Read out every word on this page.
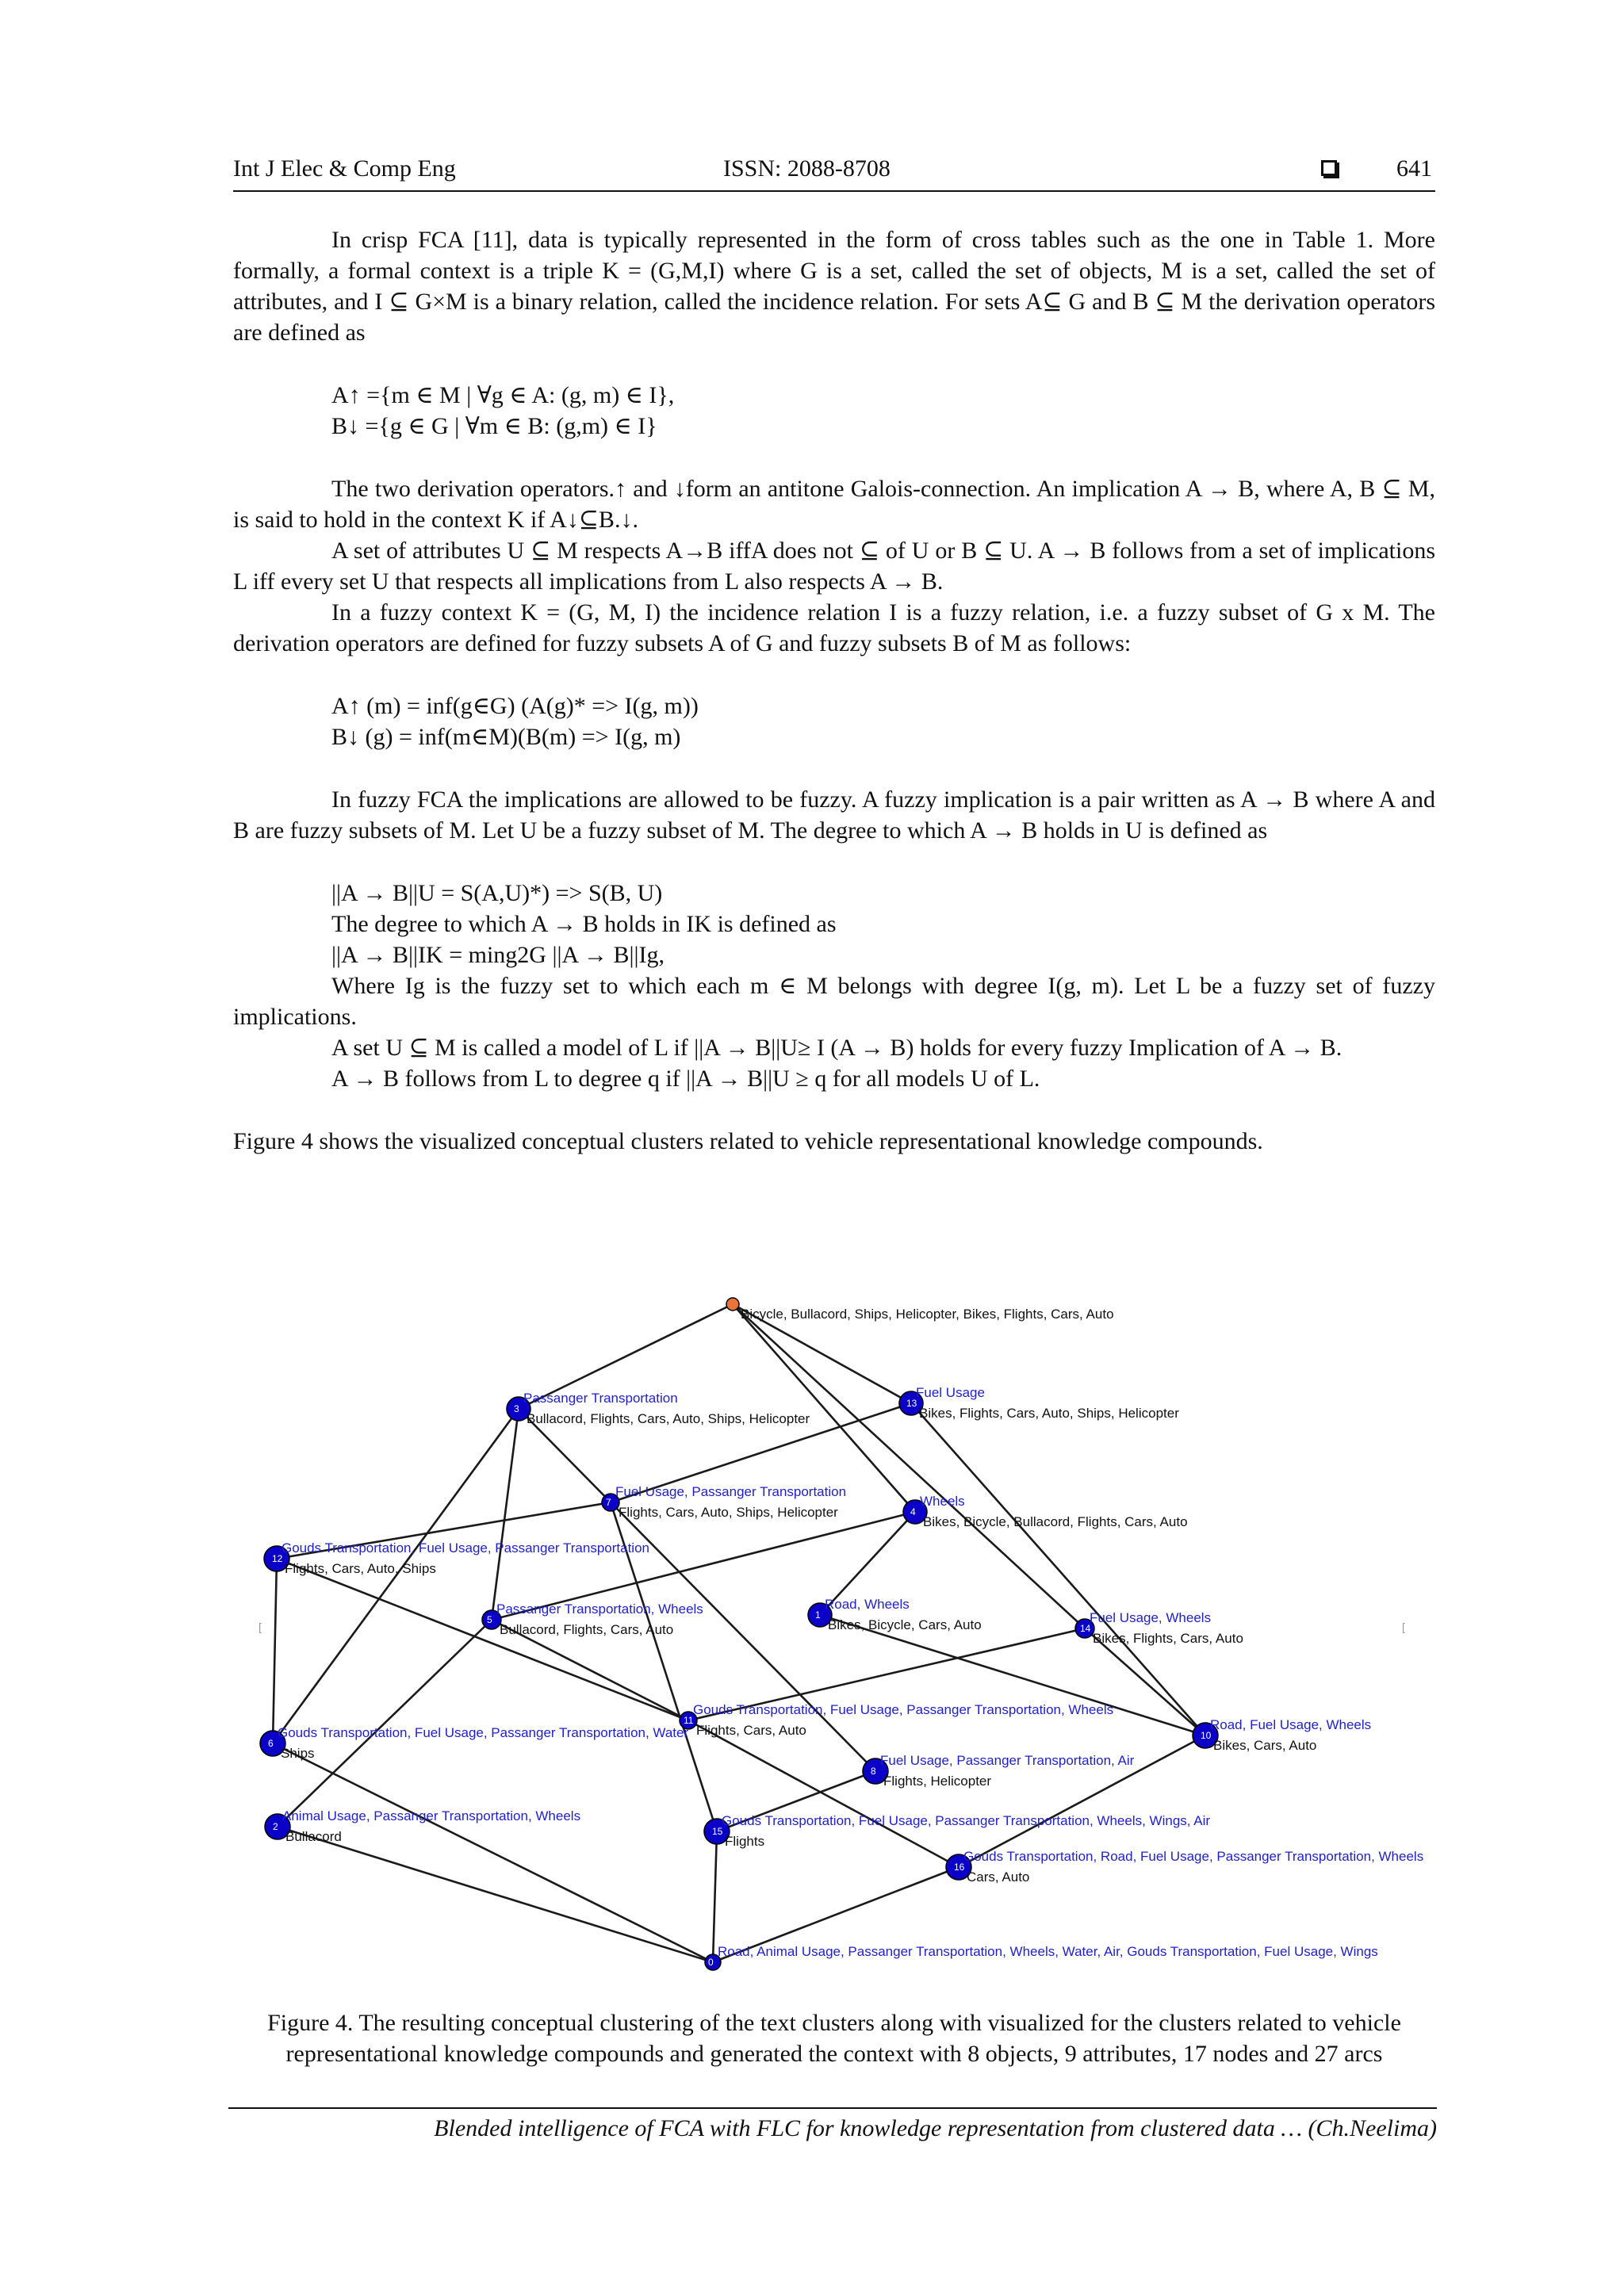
Int J Elec & Comp Eng	ISSN: 2088-8708	641

In crisp FCA [11], data is typically represented in the form of cross tables such as the one in Table 1. More formally, a formal context is a triple K = (G,M,I) where G is a set, called the set of objects, M is a set, called the set of attributes, and I ⊆ G×M is a binary relation, called the incidence relation. For sets A⊆ G and B ⊆ M the derivation operators are defined as

A↑ ={m ∈ M | ∀g ∈ A: (g, m) ∈ I},

B↓ ={g ∈ G | ∀m ∈ B: (g,m) ∈ I}

The two derivation operators.↑ and ↓form an antitone Galois-connection. An implication A → B, where A, B ⊆ M, is said to hold in the context K if A↓⊆B.↓.

A set of attributes U ⊆ M respects A→B iffA does not ⊆ of U or B ⊆ U. A → B follows from a set of implications L iff every set U that respects all implications from L also respects A → B.

In a fuzzy context K = (G, M, I) the incidence relation I is a fuzzy relation, i.e. a fuzzy subset of G x M. The derivation operators are defined for fuzzy subsets A of G and fuzzy subsets B of M as follows:

A↑ (m) = inf(g∈G) (A(g)* => I(g, m))

B↓ (g) = inf(m∈M)(B(m) => I(g, m)

In fuzzy FCA the implications are allowed to be fuzzy. A fuzzy implication is a pair written as A → B where A and B are fuzzy subsets of M. Let U be a fuzzy subset of M. The degree to which A → B holds in U is defined as

||A → B||U = S(A,U)*) => S(B, U)

The degree to which A → B holds in IK is defined as

||A → B||IK = ming2G ||A → B||Ig,

Where Ig is the fuzzy set to which each m ∈ M belongs with degree I(g, m). Let L be a fuzzy set of fuzzy implications.

A set U ⊆ M is called a model of L if ||A → B||U≥ I (A → B) holds for every fuzzy Implication of A → B.

A → B follows from L to degree q if ||A → B||U ≥ q for all models U of L.

Figure 4 shows the visualized conceptual clusters related to vehicle representational knowledge compounds.

Bicycle, Bullacord, Ships, Helicopter, Bikes, Flights, Cars, Auto
3
Passanger Transportation
Bullacord, Flights, Cars, Auto, Ships, Helicopter
13
Fuel Usage
Bikes, Flights, Cars, Auto, Ships, Helicopter
7
Fuel Usage, Passanger Transportation
Flights, Cars, Auto, Ships, Helicopter	4
Wheels
Bikes, Bicycle, Bullacord, Flights, Cars, Auto
12
Gouds Transportation, Fuel Usage, Passanger Transportation
Flights, Cars, Auto, Ships
5
Passanger Transportation, Wheels
Bullacord, Flights, Cars, Auto
1
Road, Wheels
Bikes, Bicycle, Cars, Auto	14
Fuel Usage, Wheels
Bikes, Flights, Cars, Auto
11
Gouds Transportation, Fuel Usage, Passanger Transportation, Wheels
Flights, Cars, Auto
6
Gouds Transportation, Fuel Usage, Passanger Transportation, Water
Ships
10
Road, Fuel Usage, Wheels
Bikes, Cars, Auto
8
Fuel Usage, Passanger Transportation, Air
Flights, Helicopter
2
Animal Usage, Passanger Transportation, Wheels
Bullacord	15
Gouds Transportation, Fuel Usage, Passanger Transportation, Wheels, Wings, Air
Flights
16
Gouds Transportation, Road, Fuel Usage, Passanger Transportation, Wheels
Cars, Auto
0
Road, Animal Usage, Passanger Transportation, Wheels, Water, Air, Gouds Transportation, Fuel Usage, Wings
[	[
Figure 4. The resulting conceptual clustering of the text clusters along with visualized for the clusters related to vehicle representational knowledge compounds and generated the context with 8 objects, 9 attributes, 17 nodes and 27 arcs
Blended intelligence of FCA with FLC for knowledge representation from clustered data … (Ch.Neelima)
